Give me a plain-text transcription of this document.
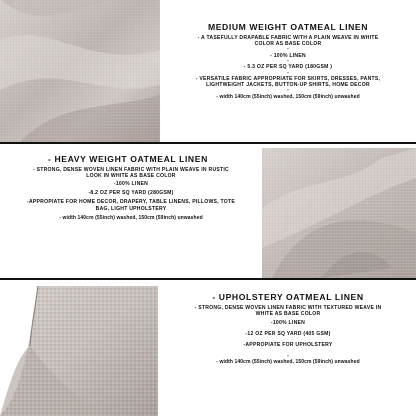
MEDIUM WEIGHT OATMEAL LINEN
- A TASEFULLY DRAPABLE FABRIC WITH A PLAIN WEAVE IN WHITE COLOR AS BASE COLOR
-
- 100% LINEN
-
- 5.3 OZ PER SQ YARD (180GSM )
-
- VERSATILE FABRIC APPROPRIATE FOR SKIRTS, DRESSES, PANTS, LIGHTWEIGHT JACKETS, BUTTON-UP SHIRTS, HOME DECOR
-
- width 140cm (55inch) washed, 150cm (59inch) unwashed
- HEAVY WEIGHT OATMEAL LINEN
- STRONG, DENSE WOVEN LINEN FABRIC WITH PLAIN WEAVE IN RUSTIC LOOK IN WHITE AS BASE COLOR
-100% LINEN
-8.2 OZ PER SQ YARD (280GSM)
-APPROPIATE FOR HOME DECOR, DRAPERY, TABLE LINENS, PILLOWS, TOTE BAG, LIGHT UPHOLSTERY
- width 140cm (55inch) washed, 150cm (59inch) unwashed
- UPHOLSTERY OATMEAL LINEN
- STRONG, DENSE WOVEN LINEN FABRIC WITH TEXTURED WEAVE IN WHITE AS BASE COLOR
-100% LINEN
-12 OZ PER SQ YARD (405 GSM)
-APPROPIATE FOR UPHOLSTERY
-
- width 140cm (55inch) washed, 150cm (59inch) unwashed
